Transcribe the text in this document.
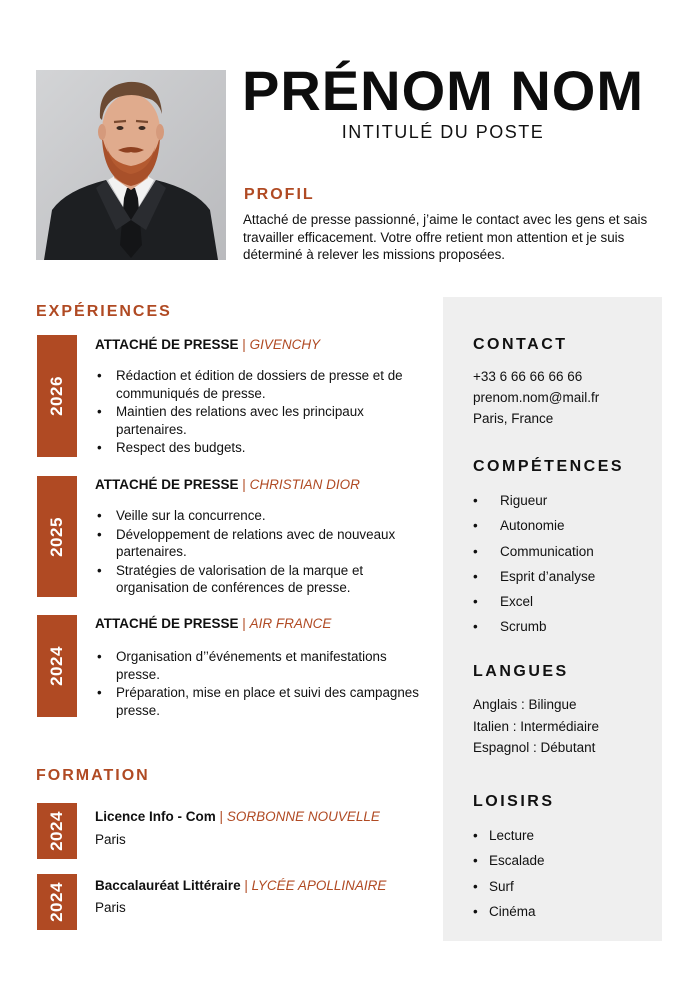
PRÉNOM NOM
INTITULÉ DU POSTE
PROFIL
Attaché de presse passionné, j’aime le contact avec les gens et sais travailler efficacement. Votre offre retient mon attention et je suis déterminé à relever les missions proposées.
EXPÉRIENCES
2026
ATTACHÉ DE PRESSE | GIVENCHY
• Rédaction et édition de dossiers de presse et de communiqués de presse.
• Maintien des relations avec les principaux partenaires.
• Respect des budgets.
2025
ATTACHÉ DE PRESSE | CHRISTIAN DIOR
• Veille sur la concurrence.
• Développement de relations avec de nouveaux partenaires.
• Stratégies de valorisation de la marque et organisation de conférences de presse.
2024
ATTACHÉ DE PRESSE | AIR FRANCE
• Organisation d’’événements et manifestations presse.
• Préparation, mise en place et suivi des campagnes presse.
FORMATION
2024 Licence Info - Com | SORBONNE NOUVELLE
Paris
2024 Baccalauréat Littéraire | LYCÉE APOLLINAIRE
Paris
CONTACT
+33 6 66 66 66 66
prenom.nom@mail.fr
Paris, France
COMPÉTENCES
• Rigueur
• Autonomie
• Communication
• Esprit d’analyse
• Excel
• Scrumb
LANGUES
Anglais : Bilingue
Italien : Intermédiaire
Espagnol : Débutant
LOISIRS
• Lecture
• Escalade
• Surf
• Cinéma
